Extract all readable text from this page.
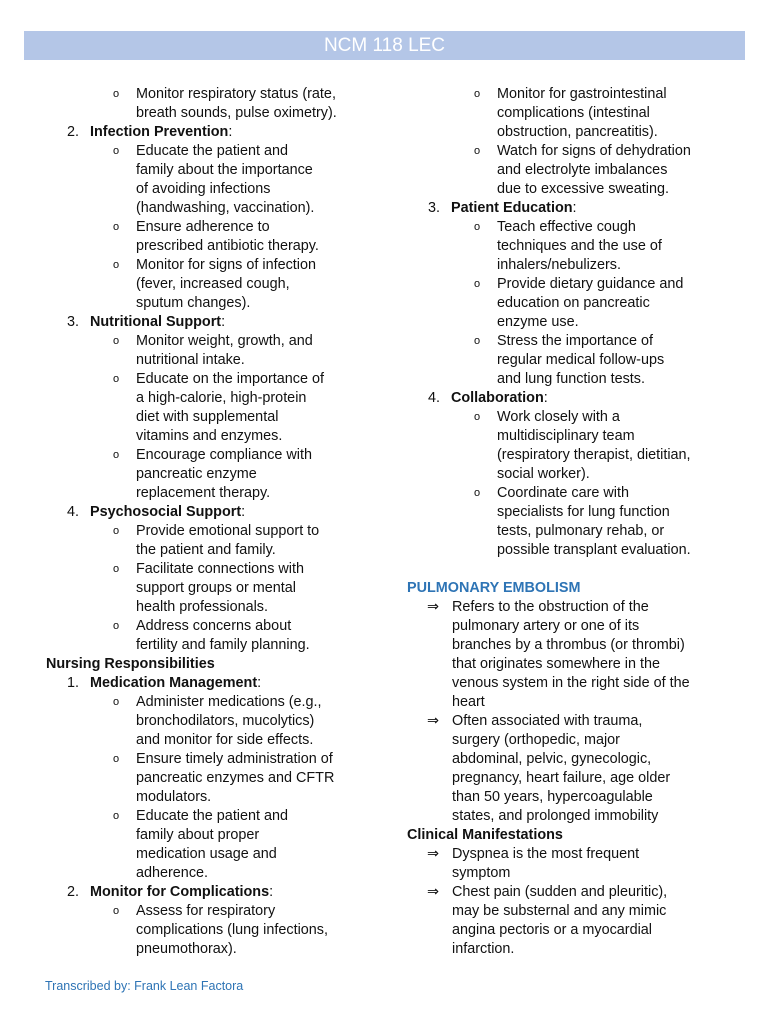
NCM 118 LEC
o Monitor respiratory status (rate,
breath sounds, pulse oximetry).
2. Infection Prevention:
o Educate the patient and
family about the importance
of avoiding infections
(handwashing, vaccination).
o Ensure adherence to
prescribed antibiotic therapy.
o Monitor for signs of infection
(fever, increased cough,
sputum changes).
3. Nutritional Support:
o Monitor weight, growth, and
nutritional intake.
o Educate on the importance of
a high-calorie, high-protein
diet with supplemental
vitamins and enzymes.
o Encourage compliance with
pancreatic enzyme
replacement therapy.
4. Psychosocial Support:
o Provide emotional support to
the patient and family.
o Facilitate connections with
support groups or mental
health professionals.
o Address concerns about
fertility and family planning.
Nursing Responsibilities
1. Medication Management:
o Administer medications (e.g.,
bronchodilators, mucolytics)
and monitor for side effects.
o Ensure timely administration of
pancreatic enzymes and CFTR
modulators.
o Educate the patient and
family about proper
medication usage and
adherence.
2. Monitor for Complications:
o Assess for respiratory
complications (lung infections,
pneumothorax).
o Monitor for gastrointestinal
complications (intestinal
obstruction, pancreatitis).
o Watch for signs of dehydration
and electrolyte imbalances
due to excessive sweating.
3. Patient Education:
o Teach effective cough
techniques and the use of
inhalers/nebulizers.
o Provide dietary guidance and
education on pancreatic
enzyme use.
o Stress the importance of
regular medical follow-ups
and lung function tests.
4. Collaboration:
o Work closely with a
multidisciplinary team
(respiratory therapist, dietitian,
social worker).
o Coordinate care with
specialists for lung function
tests, pulmonary rehab, or
possible transplant evaluation.
PULMONARY EMBOLISM
⇒ Refers to the obstruction of the
pulmonary artery or one of its
branches by a thrombus (or thrombi)
that originates somewhere in the
venous system in the right side of the
heart
⇒ Often associated with trauma,
surgery (orthopedic, major
abdominal, pelvic, gynecologic,
pregnancy, heart failure, age older
than 50 years, hypercoagulable
states, and prolonged immobility
Clinical Manifestations
⇒ Dyspnea is the most frequent
symptom
⇒ Chest pain (sudden and pleuritic),
may be substernal and any mimic
angina pectoris or a myocardial
infarction.
Transcribed by: Frank Lean Factora
